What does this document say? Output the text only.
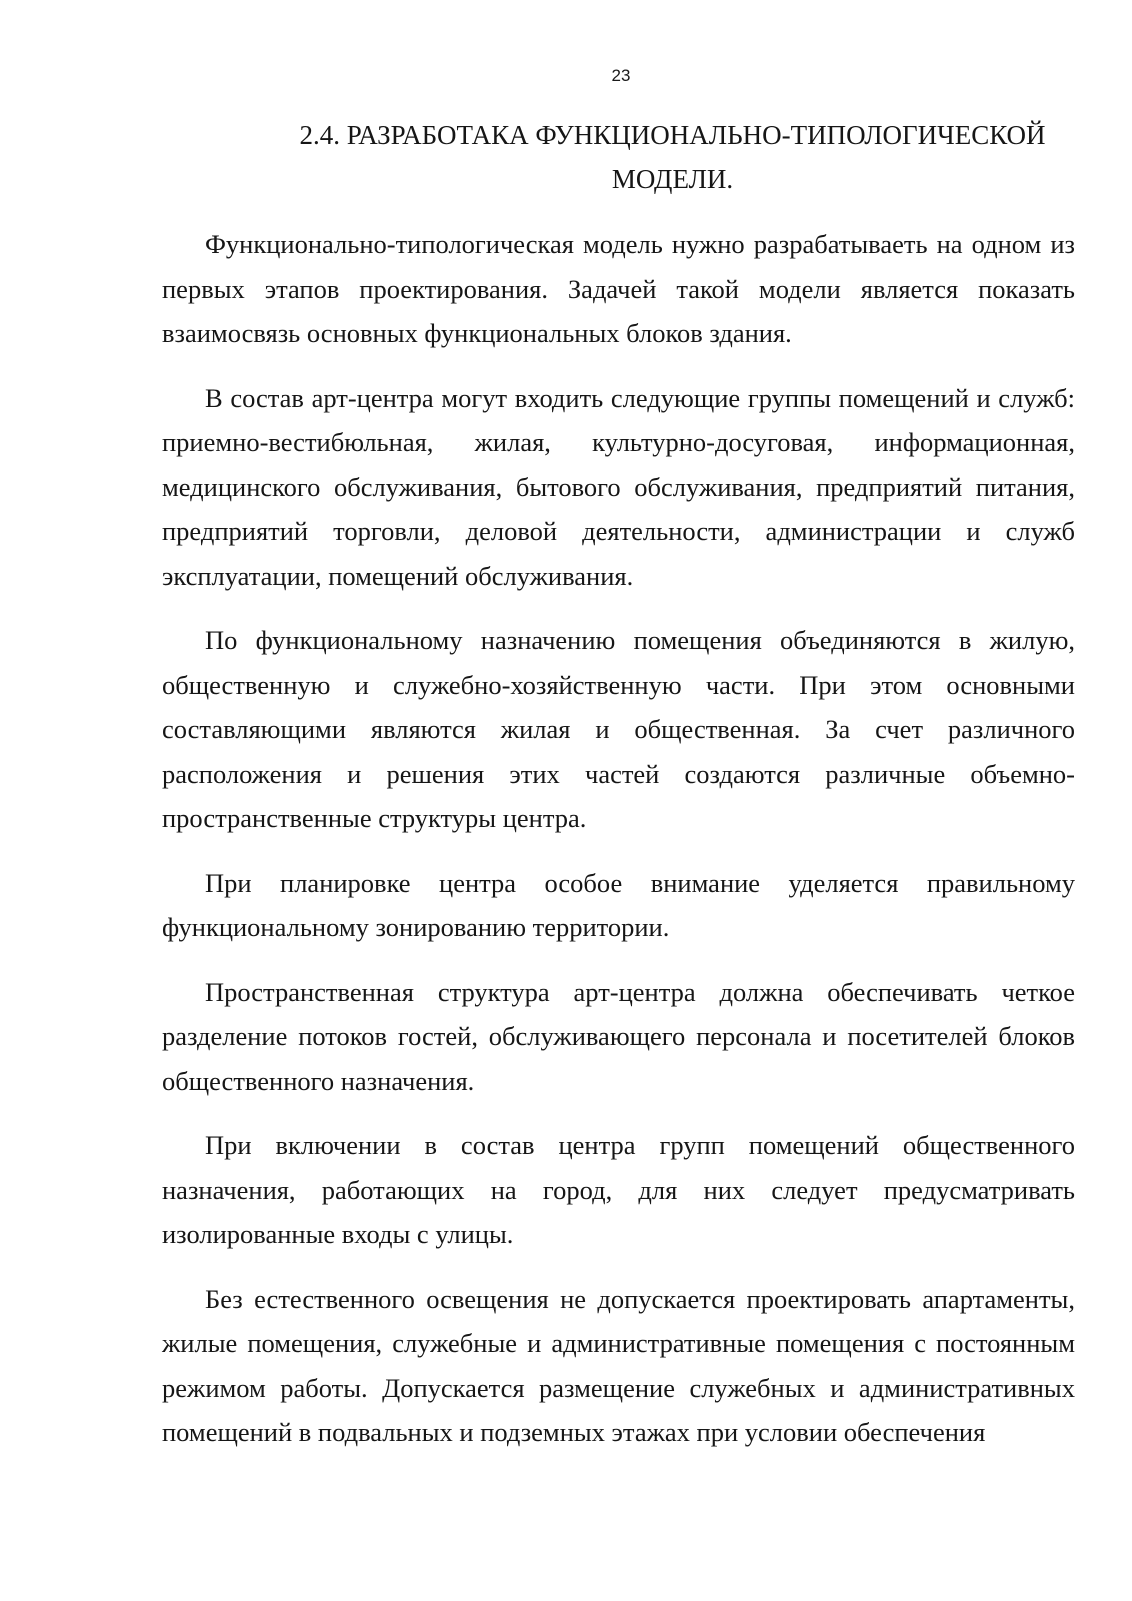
23

2.4. РАЗРАБОТАКА ФУНКЦИОНАЛЬНО-ТИПОЛОГИЧЕСКОЙ МОДЕЛИ.

Функционально-типологическая модель нужно разрабатываеть на одном из первых этапов проектирования. Задачей такой модели является показать взаимосвязь основных функциональных блоков здания.

В состав арт-центра могут входить следующие группы помещений и служб: приемно-вестибюльная, жилая, культурно-досуговая, информационная, медицинского обслуживания, бытового обслуживания, предприятий питания, предприятий торговли, деловой деятельности, администрации и служб эксплуатации, помещений обслуживания.

По функциональному назначению помещения объединяются в жилую, общественную и служебно-хозяйственную части. При этом основными составляющими являются жилая и общественная. За счет различного расположения и решения этих частей создаются различные объемно-пространственные структуры центра.

При планировке центра особое внимание уделяется правильному функциональному зонированию территории.

Пространственная структура арт-центра должна обеспечивать четкое разделение потоков гостей, обслуживающего персонала и посетителей блоков общественного назначения.

При включении в состав центра групп помещений общественного назначения, работающих на город, для них следует предусматривать изолированные входы с улицы.

Без естественного освещения не допускается проектировать апартаменты, жилые помещения, служебные и административные помещения с постоянным режимом работы. Допускается размещение служебных и административных помещений в подвальных и подземных этажах при условии обеспечения
